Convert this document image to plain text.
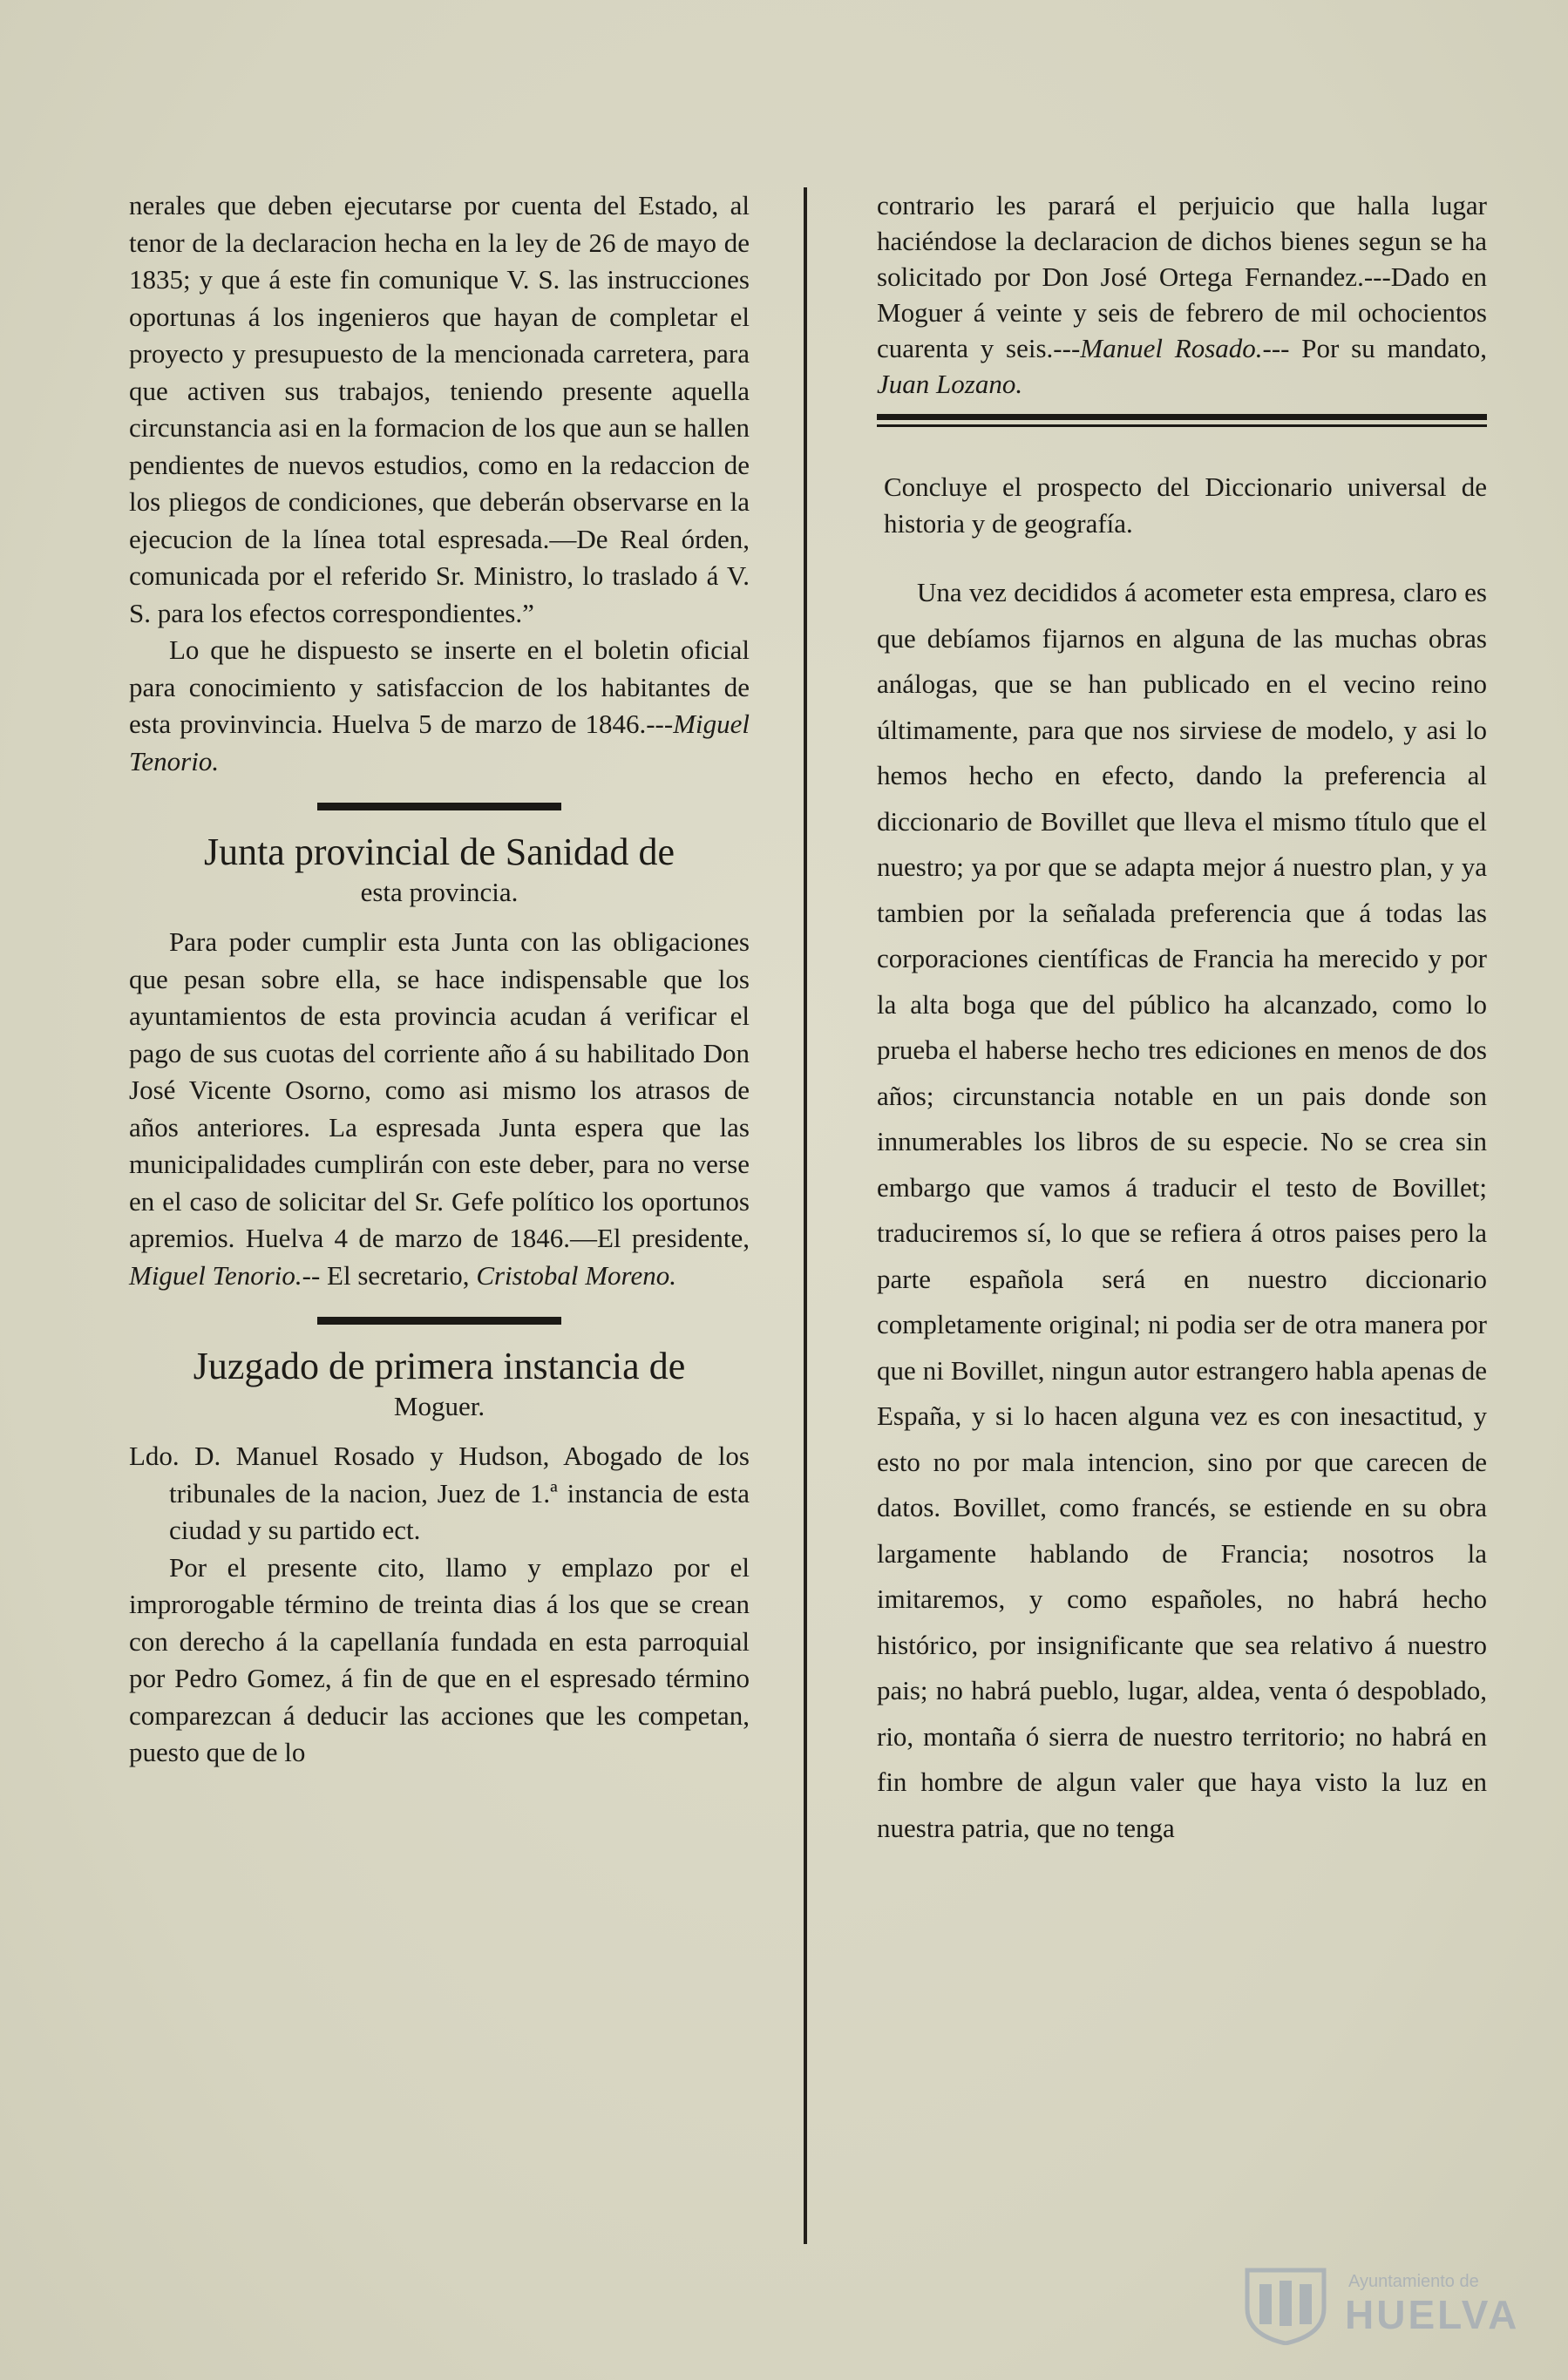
nerales que deben ejecutarse por cuenta del Estado, al tenor de la declaracion hecha en la ley de 26 de mayo de 1835; y que á este fin comunique V. S. las instrucciones oportunas á los ingenieros que hayan de completar el proyecto y presupuesto de la mencionada carretera, para que activen sus trabajos, teniendo presente aquella circunstancia asi en la formacion de los que aun se hallen pendientes de nuevos estudios, como en la redaccion de los pliegos de condiciones, que deberán observarse en la ejecucion de la línea total espresada.—De Real órden, comunicada por el referido Sr. Ministro, lo traslado á V. S. para los efectos correspondientes.”

Lo que he dispuesto se inserte en el boletin oficial para conocimiento y satisfaccion de los habitantes de esta provinvincia. Huelva 5 de marzo de 1846.---Miguel Tenorio.

Junta provincial de Sanidad de
esta provincia.

Para poder cumplir esta Junta con las obligaciones que pesan sobre ella, se hace indispensable que los ayuntamientos de esta provincia acudan á verificar el pago de sus cuotas del corriente año á su habilitado Don José Vicente Osorno, como asi mismo los atrasos de años anteriores. La espresada Junta espera que las municipalidades cumplirán con este deber, para no verse en el caso de solicitar del Sr. Gefe político los oportunos apremios. Huelva 4 de marzo de 1846.—El presidente, Miguel Tenorio.-- El secretario, Cristobal Moreno.

Juzgado de primera instancia de
Moguer.

Ldo. D. Manuel Rosado y Hudson, Abogado de los tribunales de la nacion, Juez de 1.ª instancia de esta ciudad y su partido ect.

Por el presente cito, llamo y emplazo por el improrogable término de treinta dias á los que se crean con derecho á la capellanía fundada en esta parroquial por Pedro Gomez, á fin de que en el espresado término comparezcan á deducir las acciones que les competan, puesto que de lo

contrario les parará el perjuicio que halla lugar haciéndose la declaracion de dichos bienes segun se ha solicitado por Don José Ortega Fernandez.---Dado en Moguer á veinte y seis de febrero de mil ochocientos cuarenta y seis.---Manuel Rosado.--- Por su mandato, Juan Lozano.

Concluye el prospecto del Diccionario universal de historia y de geografía.

Una vez decididos á acometer esta empresa, claro es que debíamos fijarnos en alguna de las muchas obras análogas, que se han publicado en el vecino reino últimamente, para que nos sirviese de modelo, y asi lo hemos hecho en efecto, dando la preferencia al diccionario de Bovillet que lleva el mismo título que el nuestro; ya por que se adapta mejor á nuestro plan, y ya tambien por la señalada preferencia que á todas las corporaciones científicas de Francia ha merecido y por la alta boga que del público ha alcanzado, como lo prueba el haberse hecho tres ediciones en menos de dos años; circunstancia notable en un pais donde son innumerables los libros de su especie. No se crea sin embargo que vamos á traducir el testo de Bovillet; traduciremos sí, lo que se refiera á otros paises pero la parte española será en nuestro diccionario completamente original; ni podia ser de otra manera por que ni Bovillet, ningun autor estrangero habla apenas de España, y si lo hacen alguna vez es con inesactitud, y esto no por mala intencion, sino por que carecen de datos. Bovillet, como francés, se estiende en su obra largamente hablando de Francia; nosotros la imitaremos, y como españoles, no habrá hecho histórico, por insignificante que sea relativo á nuestro pais; no habrá pueblo, lugar, aldea, venta ó despoblado, rio, montaña ó sierra de nuestro territorio; no habrá en fin hombre de algun valer que haya visto la luz en nuestra patria, que no tenga

Ayuntamiento de
HUELVA
